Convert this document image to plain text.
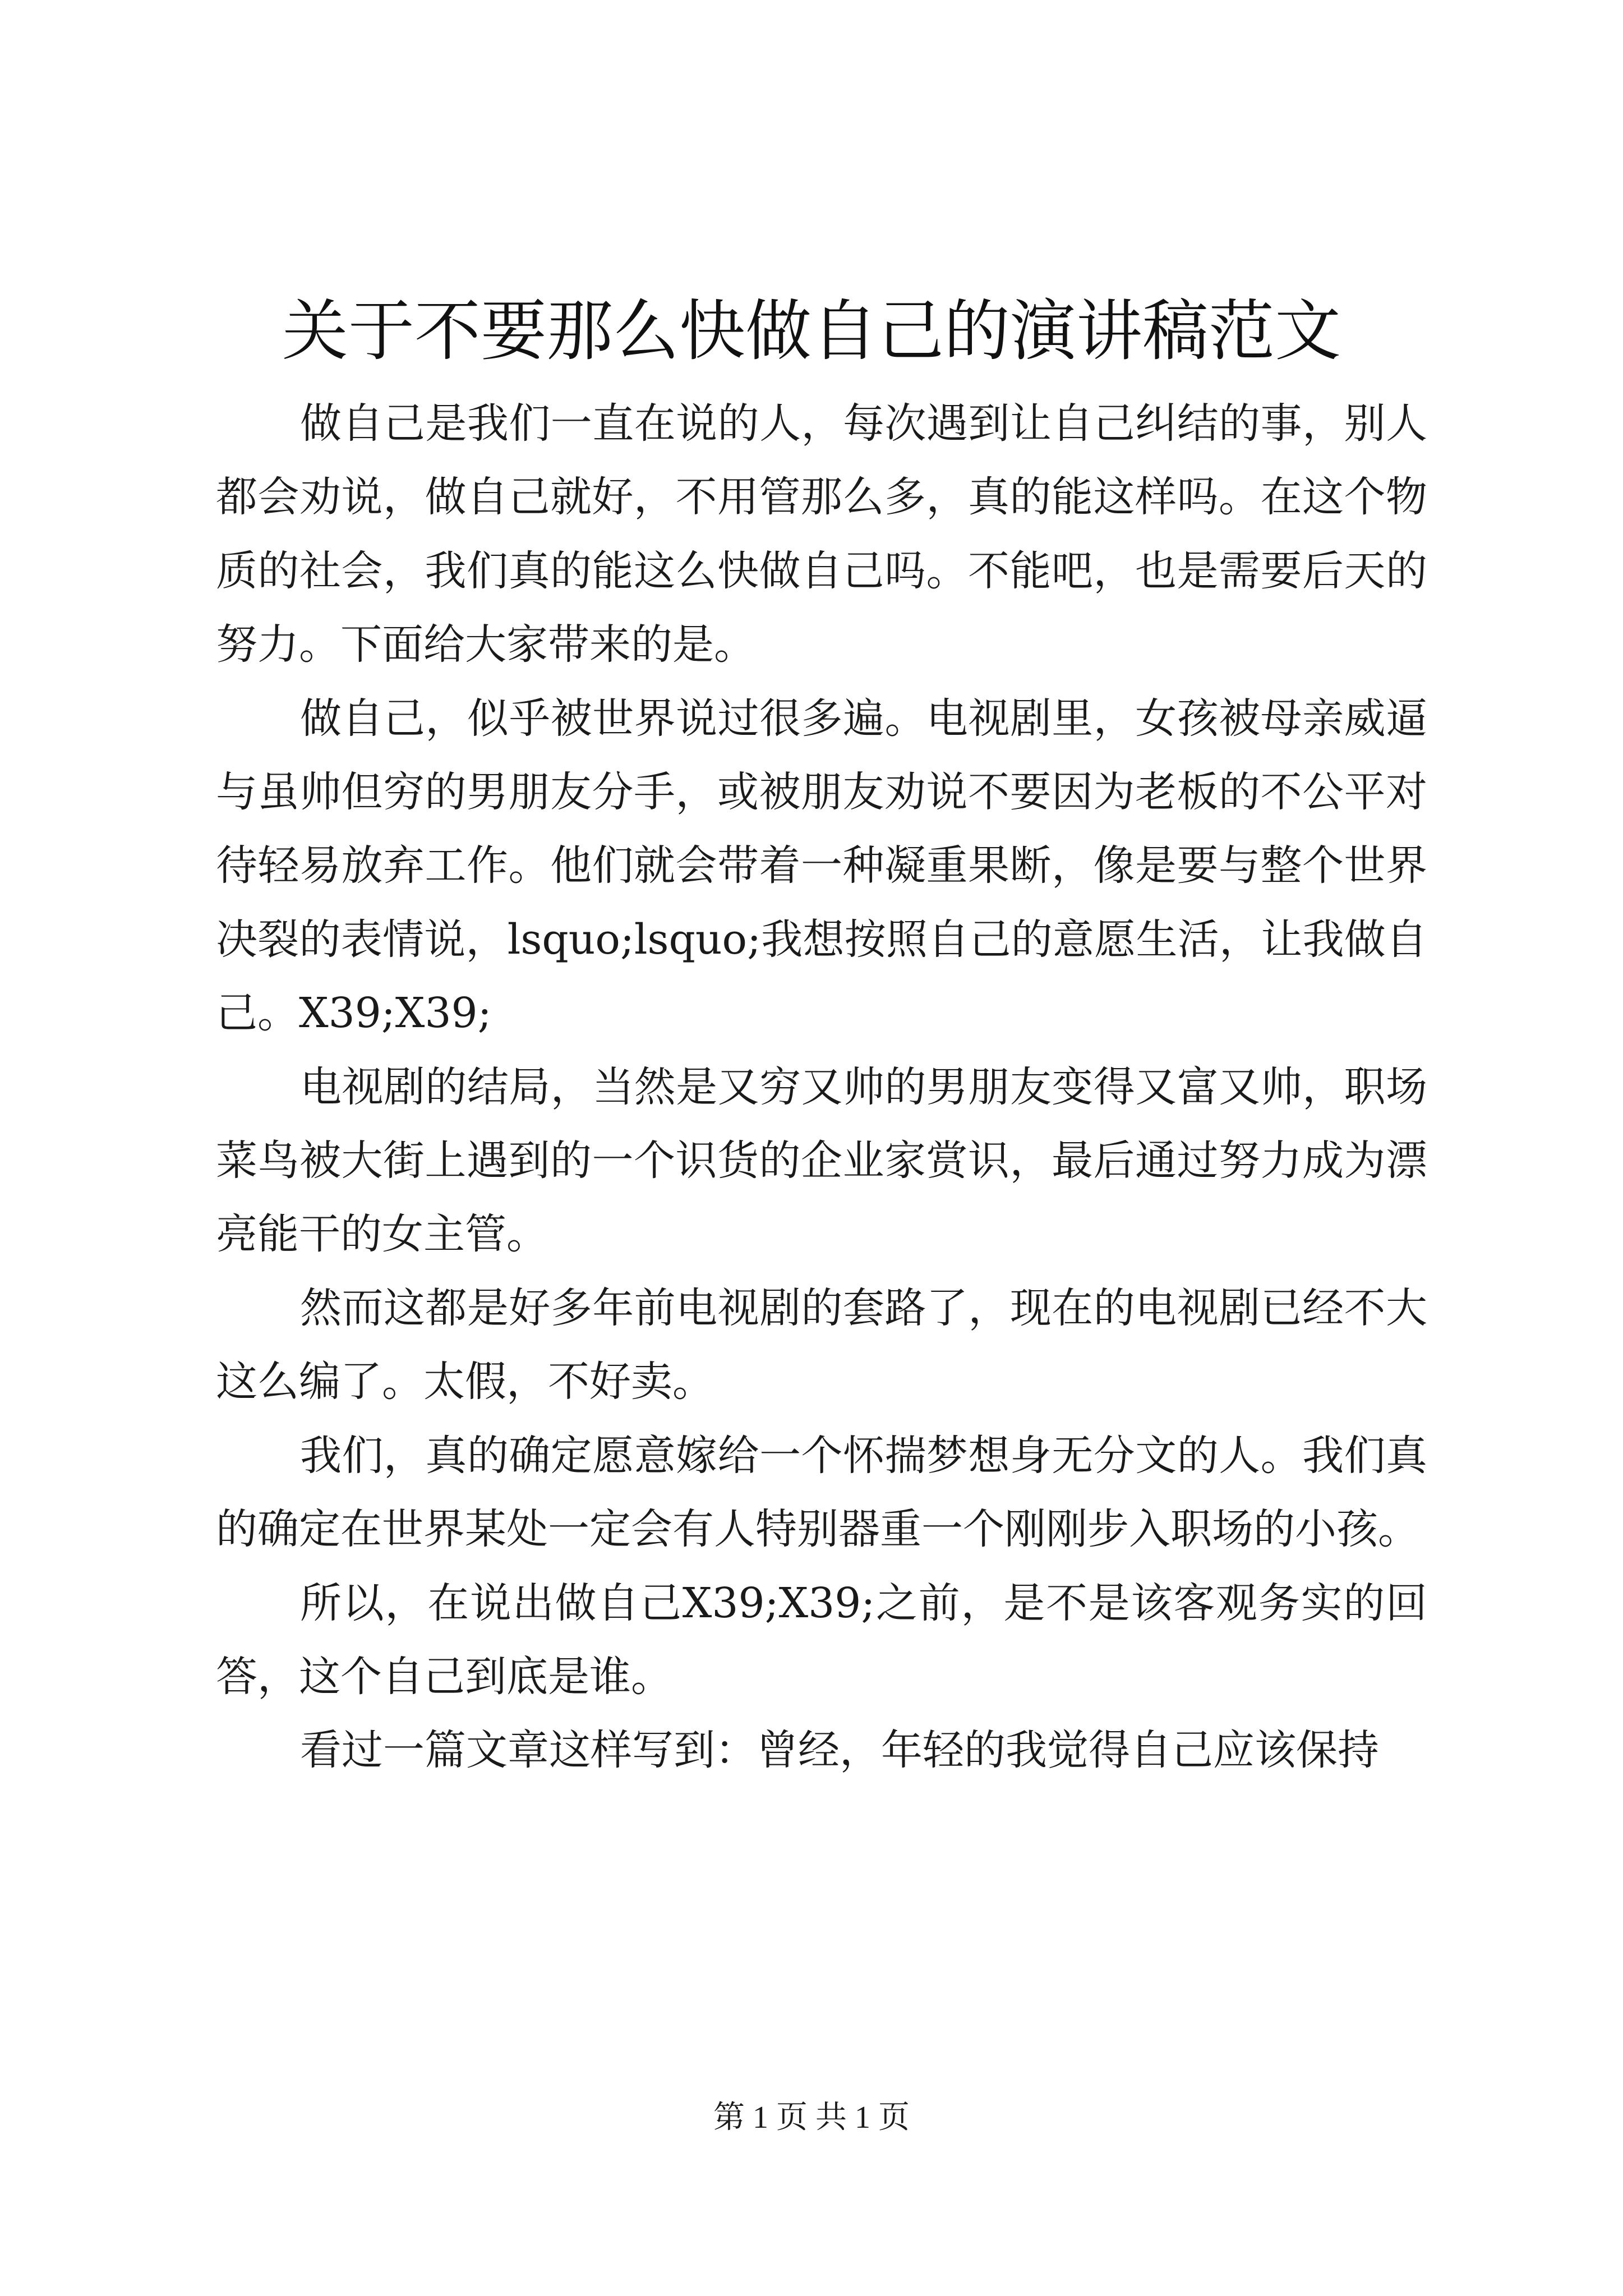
关于不要那么快做自己的演讲稿范文

做自己是我们一直在说的人，每次遇到让自己纠结的事，别人都会劝说，做自己就好，不用管那么多，真的能这样吗。在这个物质的社会，我们真的能这么快做自己吗。不能吧，也是需要后天的努力。下面给大家带来的是。

做自己，似乎被世界说过很多遍。电视剧里，女孩被母亲威逼与虽帅但穷的男朋友分手，或被朋友劝说不要因为老板的不公平对待轻易放弃工作。他们就会带着一种凝重果断，像是要与整个世界决裂的表情说，lsquo;lsquo;我想按照自己的意愿生活，让我做自己。X39;X39;

电视剧的结局，当然是又穷又帅的男朋友变得又富又帅，职场菜鸟被大街上遇到的一个识货的企业家赏识，最后通过努力成为漂亮能干的女主管。

然而这都是好多年前电视剧的套路了，现在的电视剧已经不大这么编了。太假，不好卖。

我们，真的确定愿意嫁给一个怀揣梦想身无分文的人。我们真的确定在世界某处一定会有人特别器重一个刚刚步入职场的小孩。

所以，在说出做自己X39;X39;之前，是不是该客观务实的回答，这个自己到底是谁。

看过一篇文章这样写到：曾经，年轻的我觉得自己应该保持

第 1 页 共 1 页
